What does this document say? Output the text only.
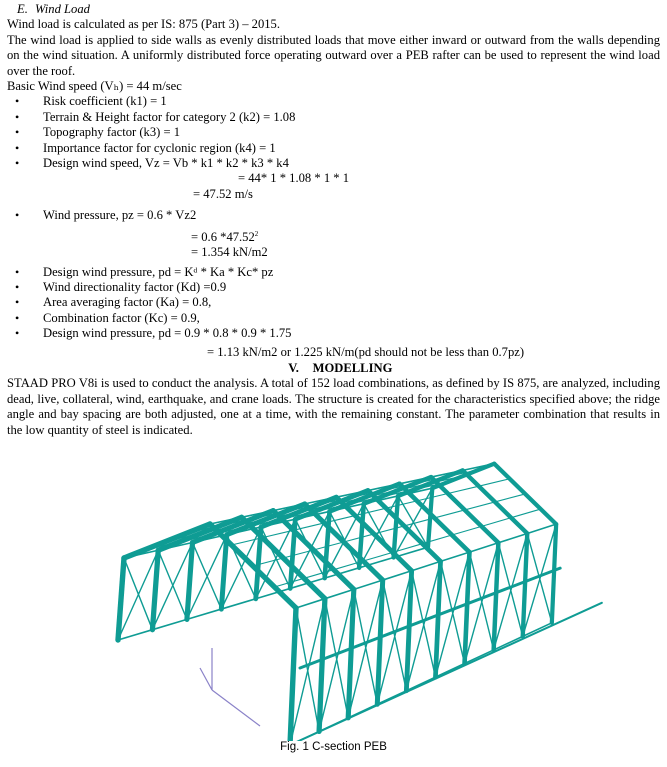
E. Wind Load

Wind load is calculated as per IS: 875 (Part 3) – 2015.

The wind load is applied to side walls as evenly distributed loads that move either inward or outward from the walls depending on the wind situation. A uniformly distributed force operating outward over a PEB rafter can be used to represent the wind load over the roof.

Basic Wind speed (Vₕ) = 44 m/sec

• Risk coefficient (k1) = 1
• Terrain & Height factor for category 2 (k2) = 1.08
• Topography factor (k3) = 1
• Importance factor for cyclonic region (k4) = 1
• Design wind speed, Vz = Vb * k1 * k2 * k3 * k4

= 44* 1 * 1.08 * 1 * 1

= 47.52 m/s

• Wind pressure, pz = 0.6 * Vz2

= 0.6 *47.52$^2$

= 1.354 kN/m2

• Design wind pressure, pd = Kᵈ * Ka * Kc* pz
• Wind directionality factor (Kd) =0.9
• Area averaging factor (Ka) = 0.8,
• Combination factor (Kc) = 0.9,
• Design wind pressure, pd = 0.9 * 0.8 * 0.9 * 1.75

= 1.13 kN/m2 or 1.225 kN/m(pd should not be less than 0.7pz)

V. MODELLING

STAAD PRO V8i is used to conduct the analysis. A total of 152 load combinations, as defined by IS 875, are analyzed, including dead, live, collateral, wind, earthquake, and crane loads. The structure is created for the characteristics specified above; the ridge angle and bay spacing are both adjusted, one at a time, with the remaining constant. The parameter combination that results in the low quantity of steel is indicated.

Fig. 1 C-section PEB
